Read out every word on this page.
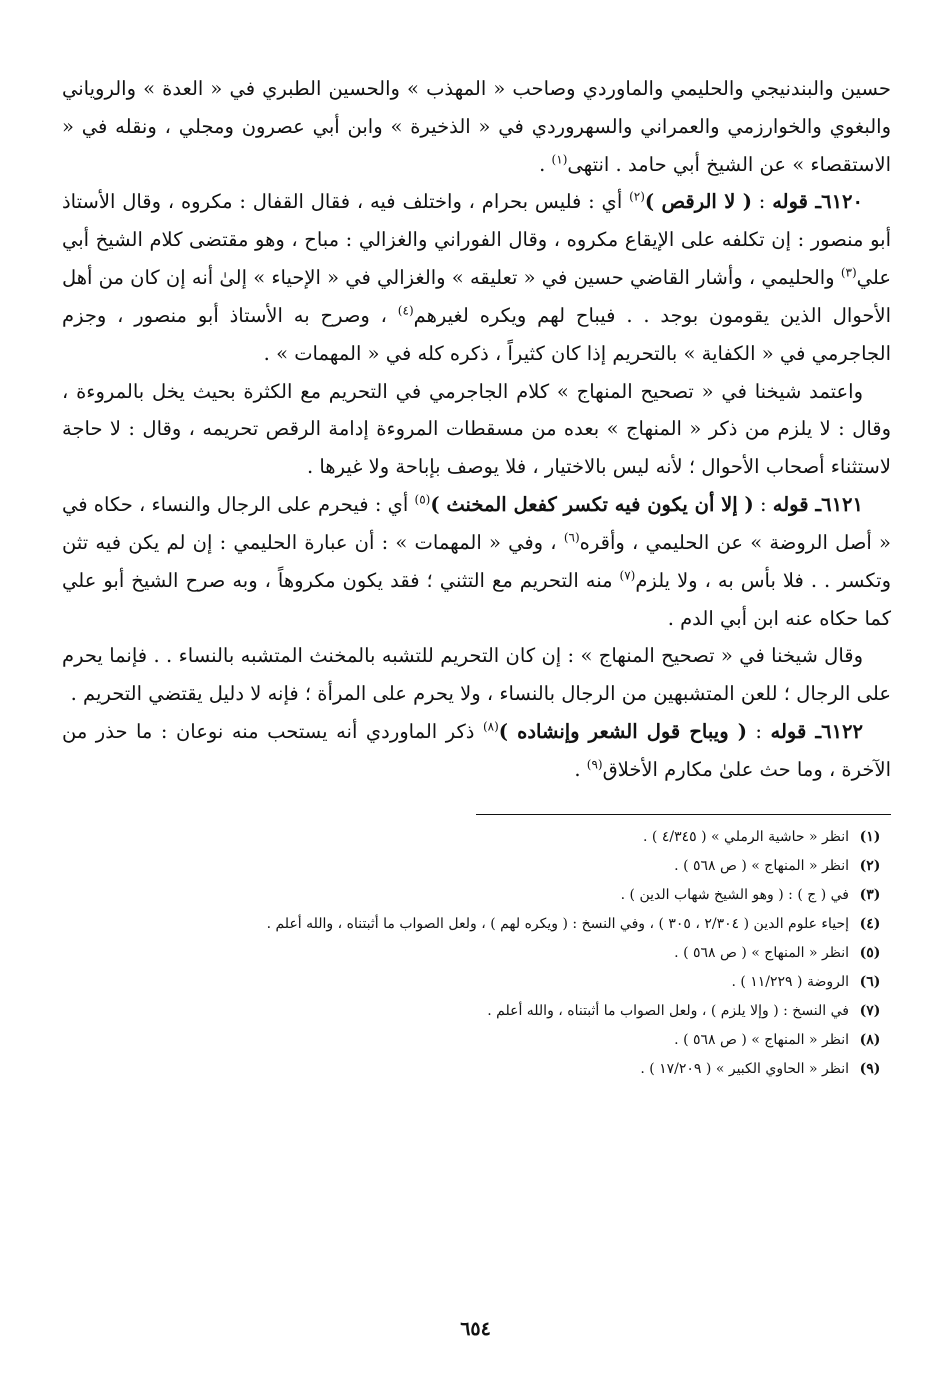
حسين والبندنيجي والحليمي والماوردي وصاحب « المهذب » والحسين الطبري في « العدة » والروياني والبغوي والخوارزمي والعمراني والسهروردي في « الذخيرة » وابن أبي عصرون ومجلي ، ونقله في « الاستقصاء » عن الشيخ أبي حامد . انتهى$^{(١)}$ .

٦١٢٠ـ قوله : ( لا الرقص )$^{(٢)}$ أي : فليس بحرام ، واختلف فيه ، فقال القفال : مكروه ، وقال الأستاذ أبو منصور : إن تكلفه على الإيقاع مكروه ، وقال الفوراني والغزالي : مباح ، وهو مقتضى كلام الشيخ أبي علي$^{(٣)}$ والحليمي ، وأشار القاضي حسين في « تعليقه » والغزالي في « الإحياء » إلىٰ أنه إن كان من أهل الأحوال الذين يقومون بوجد . . فيباح لهم ويكره لغيرهم$^{(٤)}$ ، وصرح به الأستاذ أبو منصور ، وجزم الجاجرمي في « الكفاية » بالتحريم إذا كان كثيراً ، ذكره كله في « المهمات » .

واعتمد شيخنا في « تصحيح المنهاج » كلام الجاجرمي في التحريم مع الكثرة بحيث يخل بالمروءة ، وقال : لا يلزم من ذكر « المنهاج » بعده من مسقطات المروءة إدامة الرقص تحريمه ، وقال : لا حاجة لاستثناء أصحاب الأحوال ؛ لأنه ليس بالاختيار ، فلا يوصف بإباحة ولا غيرها .

٦١٢١ـ قوله : ( إلا أن يكون فيه تكسر كفعل المخنث )$^{(٥)}$ أي : فيحرم على الرجال والنساء ، حكاه في « أصل الروضة » عن الحليمي ، وأقره$^{(٦)}$ ، وفي « المهمات » : أن عبارة الحليمي : إن لم يكن فيه تثن وتكسر . . فلا بأس به ، ولا يلزم$^{(٧)}$ منه التحريم مع التثني ؛ فقد يكون مكروهاً ، وبه صرح الشيخ أبو علي كما حكاه عنه ابن أبي الدم .

وقال شيخنا في « تصحيح المنهاج » : إن كان التحريم للتشبه بالمخنث المتشبه بالنساء . . فإنما يحرم على الرجال ؛ للعن المتشبهين من الرجال بالنساء ، ولا يحرم على المرأة ؛ فإنه لا دليل يقتضي التحريم .

٦١٢٢ـ قوله : ( ويباح قول الشعر وإنشاده )$^{(٨)}$ ذكر الماوردي أنه يستحب منه نوعان : ما حذر من الآخرة ، وما حث علىٰ مكارم الأخلاق$^{(٩)}$ .

(١)
انظر « حاشية الرملي » ( ٤/٣٤٥ ) .
(٢)
انظر « المنهاج » ( ص ٥٦٨ ) .
(٣)
في ( ج ) : ( وهو الشيخ شهاب الدين ) .
(٤)
إحياء علوم الدين ( ٢/٣٠٤ ، ٣٠٥ ) ، وفي النسخ : ( ويكره لهم ) ، ولعل الصواب ما أثبتناه ، والله أعلم .
(٥)
انظر « المنهاج » ( ص ٥٦٨ ) .
(٦)
الروضة ( ١١/٢٢٩ ) .
(٧)
في النسخ : ( وإلا يلزم ) ، ولعل الصواب ما أثبتناه ، والله أعلم .
(٨)
انظر « المنهاج » ( ص ٥٦٨ ) .
(٩)
انظر « الحاوي الكبير » ( ١٧/٢٠٩ ) .
٦٥٤
